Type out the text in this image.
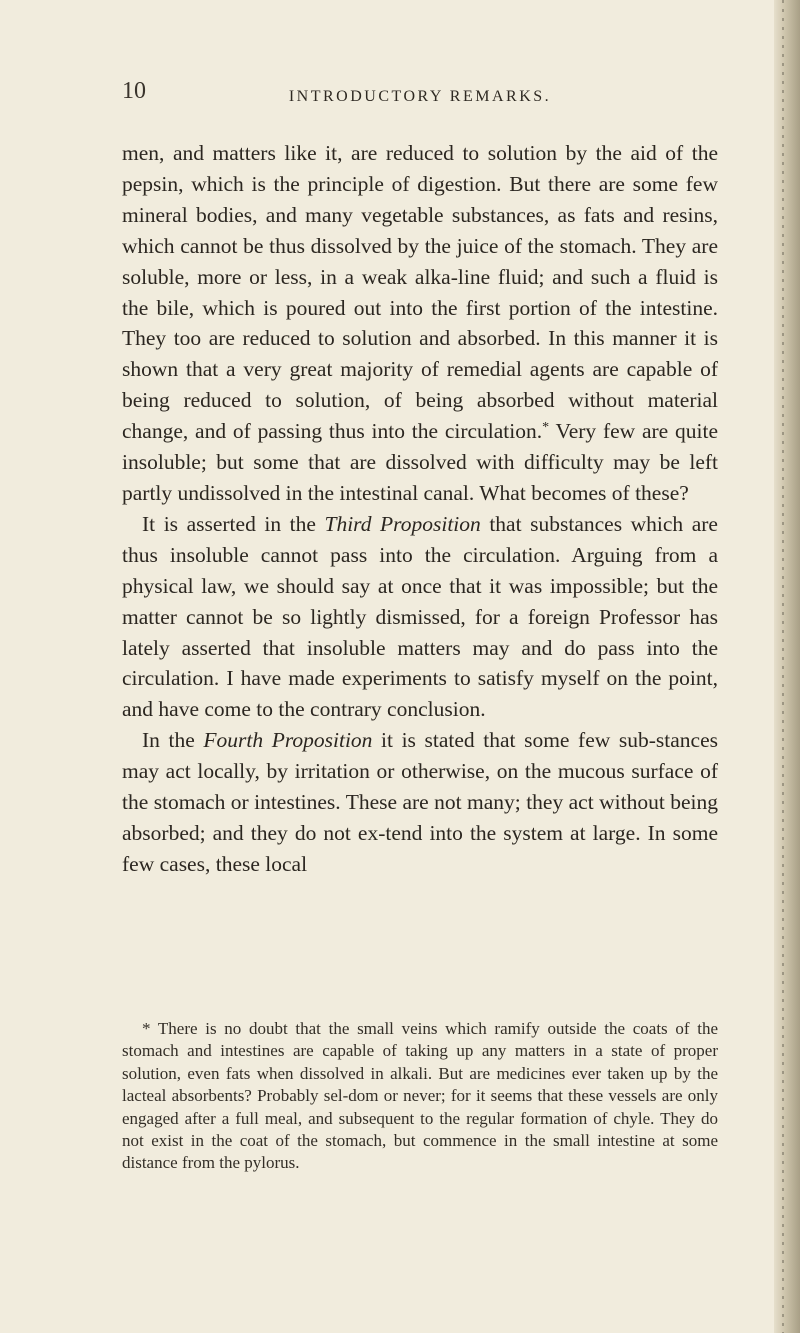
10	INTRODUCTORY REMARKS.

men, and matters like it, are reduced to solution by the aid of the pepsin, which is the principle of digestion. But there are some few mineral bodies, and many vegetable substances, as fats and resins, which cannot be thus dissolved by the juice of the stomach. They are soluble, more or less, in a weak alka-line fluid; and such a fluid is the bile, which is poured out into the first portion of the intestine. They too are reduced to solution and absorbed. In this manner it is shown that a very great majority of remedial agents are capable of being reduced to solution, of being absorbed without material change, and of passing thus into the circulation.* Very few are quite insoluble; but some that are dissolved with difficulty may be left partly undissolved in the intestinal canal. What becomes of these?

It is asserted in the Third Proposition that substances which are thus insoluble cannot pass into the circulation. Arguing from a physical law, we should say at once that it was impossible; but the matter cannot be so lightly dismissed, for a foreign Professor has lately asserted that insoluble matters may and do pass into the circulation. I have made experiments to satisfy myself on the point, and have come to the contrary conclusion.

In the Fourth Proposition it is stated that some few sub-stances may act locally, by irritation or otherwise, on the mucous surface of the stomach or intestines. These are not many; they act without being absorbed; and they do not ex-tend into the system at large. In some few cases, these local

* There is no doubt that the small veins which ramify outside the coats of the stomach and intestines are capable of taking up any matters in a state of proper solution, even fats when dissolved in alkali. But are medicines ever taken up by the lacteal absorbents? Probably sel-dom or never; for it seems that these vessels are only engaged after a full meal, and subsequent to the regular formation of chyle. They do not exist in the coat of the stomach, but commence in the small intestine at some distance from the pylorus.
